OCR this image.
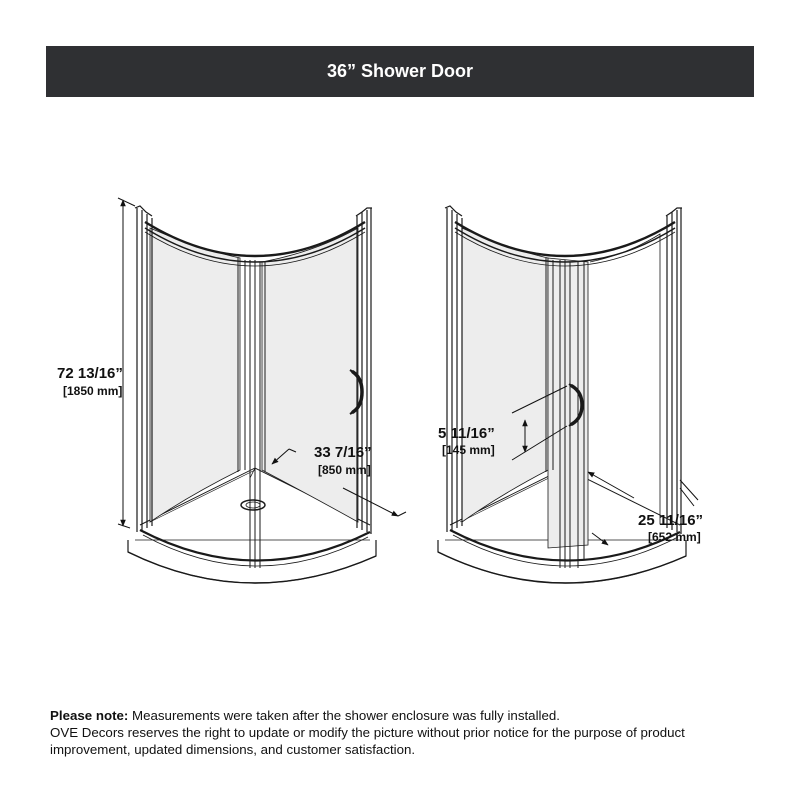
36” Shower Door
72 13/16”
[1850 mm]
33 7/16”
[850 mm]
5 11/16”
[145 mm]
25 11/16”
[652 mm]
Please note: Measurements were taken after the shower enclosure was fully installed.
OVE Decors reserves the right to update or modify the picture without prior notice for the purpose of product improvement, updated dimensions, and customer satisfaction.
